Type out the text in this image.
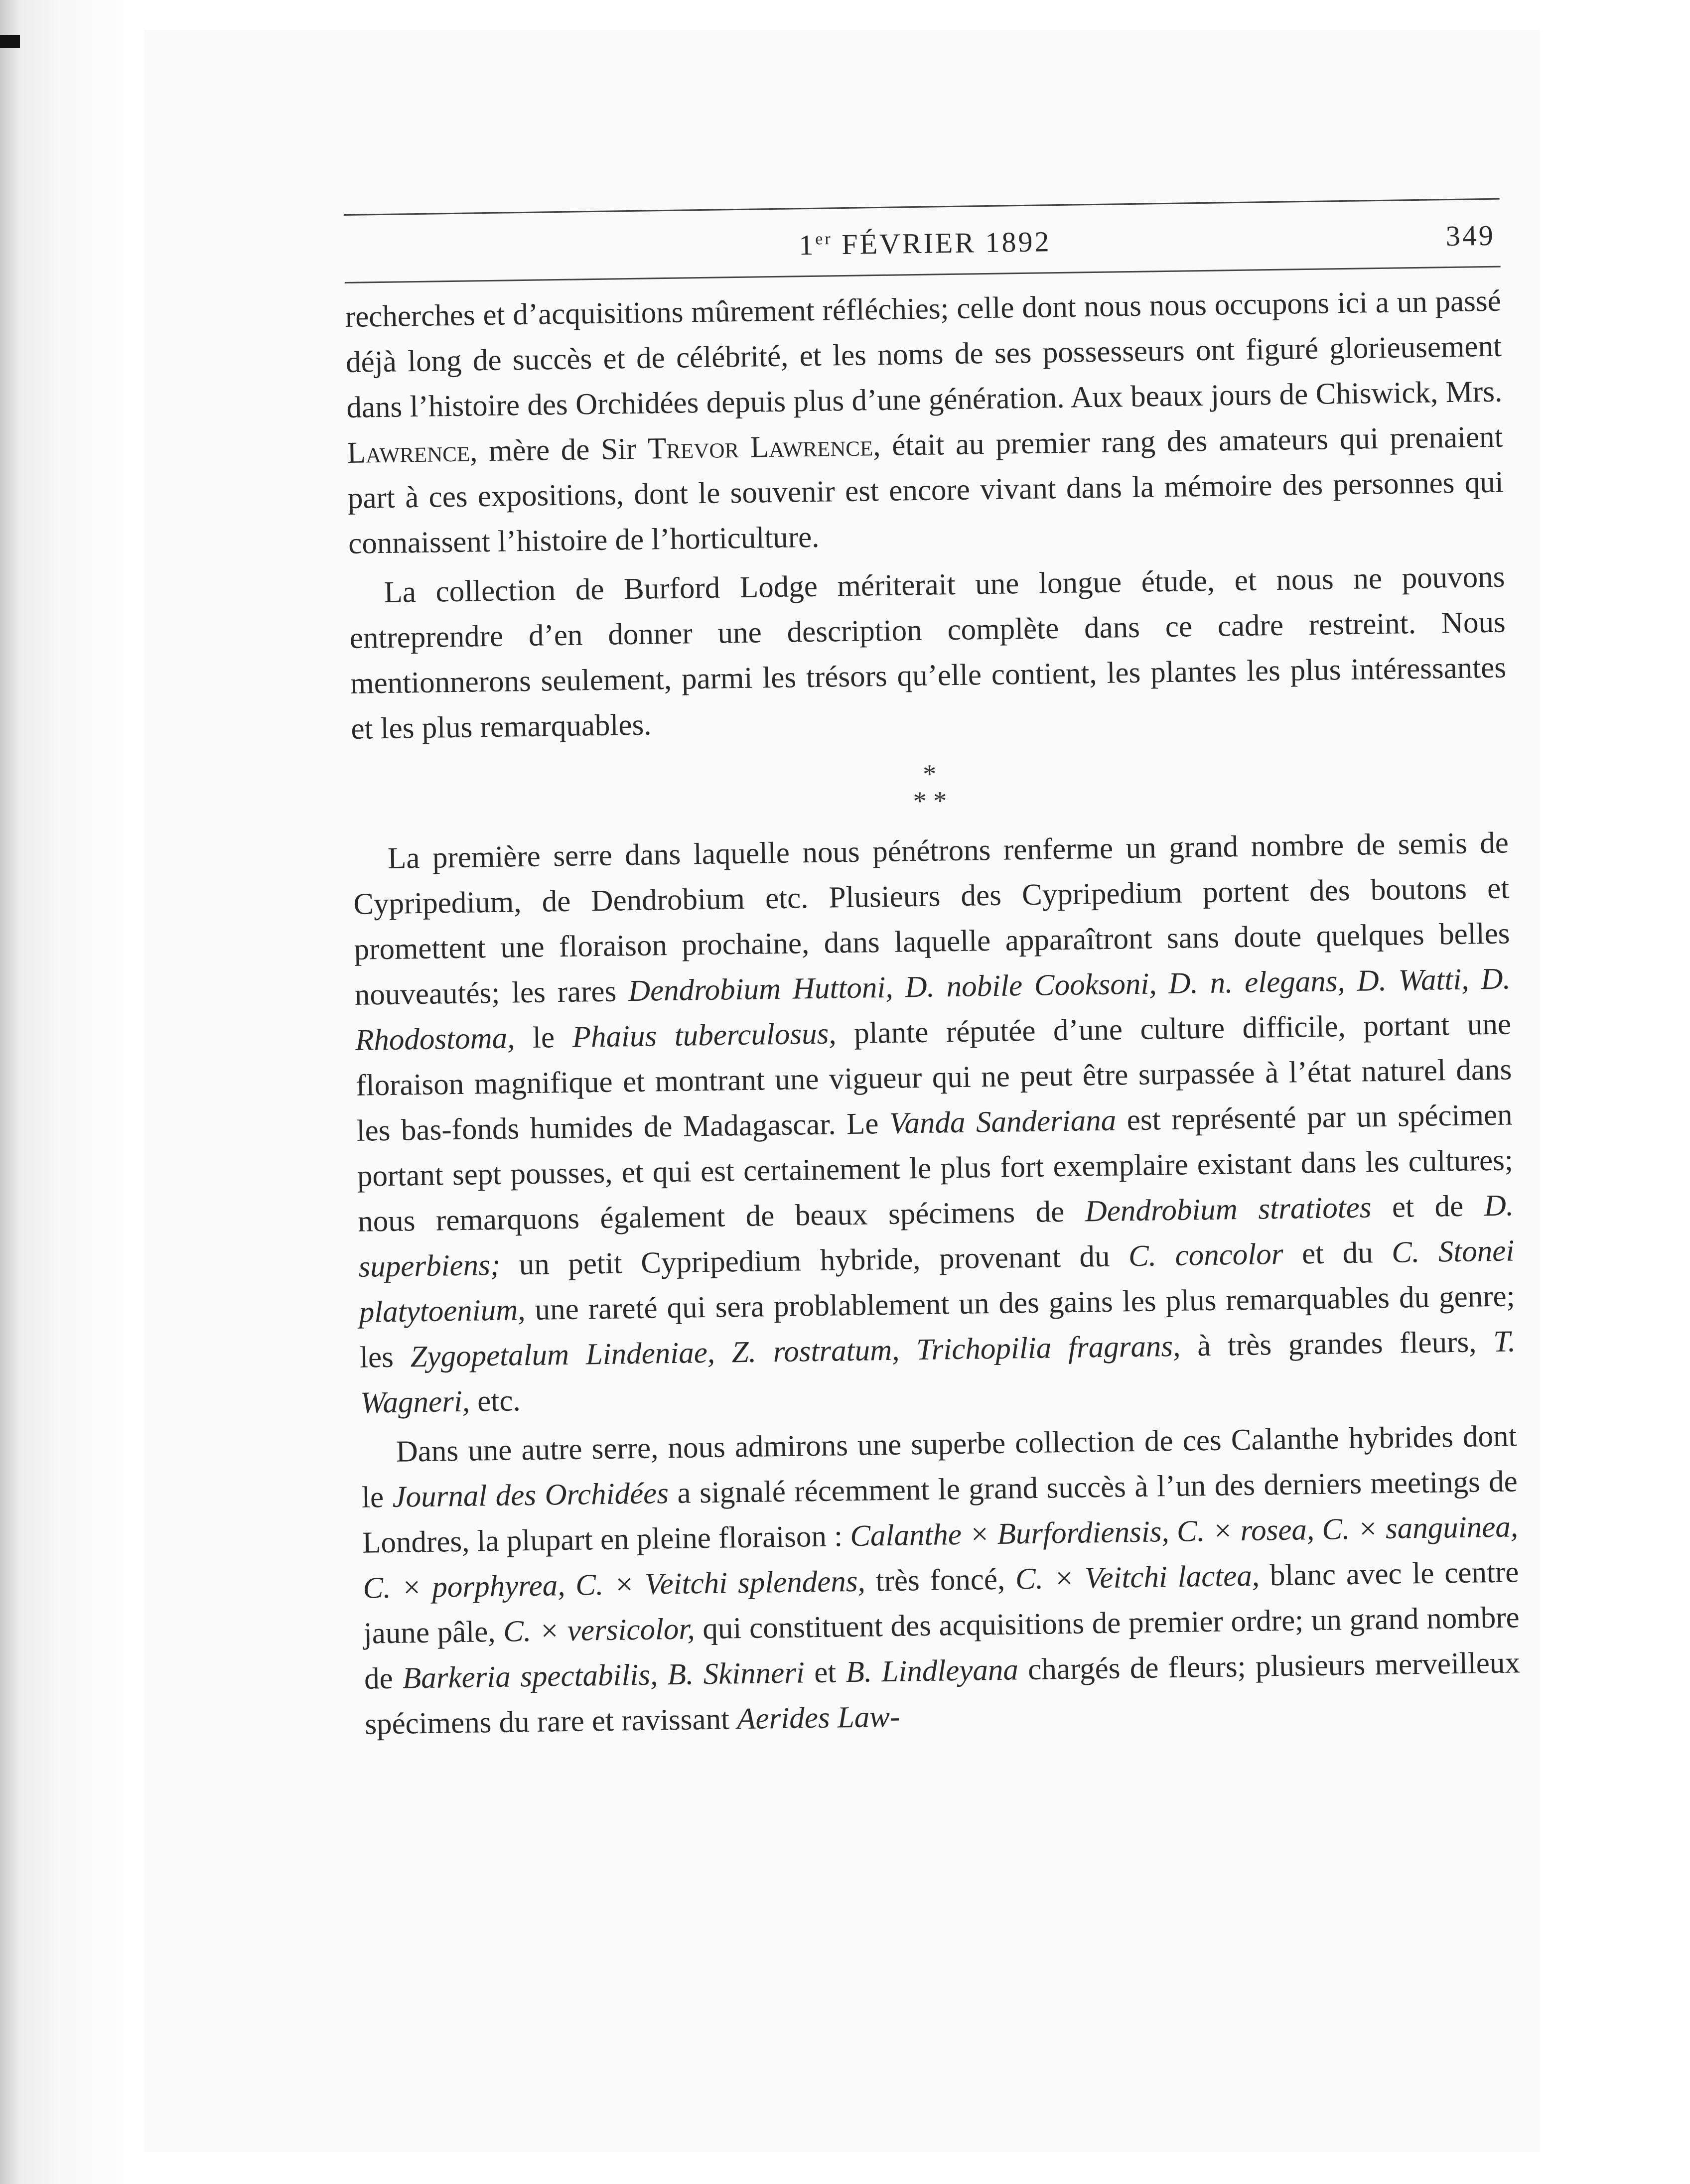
1er FÉVRIER 1892	349

recherches et d’acquisitions mûrement réfléchies; celle dont nous nous occupons ici a un passé déjà long de succès et de célébrité, et les noms de ses possesseurs ont figuré glorieusement dans l’histoire des Orchidées depuis plus d’une génération. Aux beaux jours de Chiswick, Mrs. Lawrence, mère de Sir Trevor Lawrence, était au premier rang des amateurs qui prenaient part à ces expositions, dont le souvenir est encore vivant dans la mémoire des personnes qui connaissent l’histoire de l’horticulture.

La collection de Burford Lodge mériterait une longue étude, et nous ne pouvons entreprendre d’en donner une description complète dans ce cadre restreint. Nous mentionnerons seulement, parmi les trésors qu’elle contient, les plantes les plus intéressantes et les plus remarquables.

*
* *

La première serre dans laquelle nous pénétrons renferme un grand nombre de semis de Cypripedium, de Dendrobium etc. Plusieurs des Cypripedium portent des boutons et promettent une floraison prochaine, dans laquelle apparaîtront sans doute quelques belles nouveautés; les rares Dendrobium Huttoni, D. nobile Cooksoni, D. n. elegans, D. Watti, D. Rhodostoma, le Phaius tuberculosus, plante réputée d’une culture difficile, portant une floraison magnifique et montrant une vigueur qui ne peut être surpassée à l’état naturel dans les bas-fonds humides de Madagascar. Le Vanda Sanderiana est représenté par un spécimen portant sept pousses, et qui est certainement le plus fort exemplaire existant dans les cultures; nous remarquons également de beaux spécimens de Dendrobium stratiotes et de D. superbiens; un petit Cypripedium hybride, provenant du C. concolor et du C. Stonei platytoenium, une rareté qui sera problablement un des gains les plus remarquables du genre; les Zygopetalum Lindeniae, Z. rostratum, Trichopilia fragrans, à très grandes fleurs, T. Wagneri, etc.

Dans une autre serre, nous admirons une superbe collection de ces Calanthe hybrides dont le Journal des Orchidées a signalé récemment le grand succès à l’un des derniers meetings de Londres, la plupart en pleine floraison : Calanthe × Burfordiensis, C. × rosea, C. × sanguinea, C. × porphyrea, C. × Veitchi splendens, très foncé, C. × Veitchi lactea, blanc avec le centre jaune pâle, C. × versicolor, qui constituent des acquisitions de premier ordre; un grand nombre de Barkeria spectabilis, B. Skinneri et B. Lindleyana chargés de fleurs; plusieurs merveilleux spécimens du rare et ravissant Aerides Law-
